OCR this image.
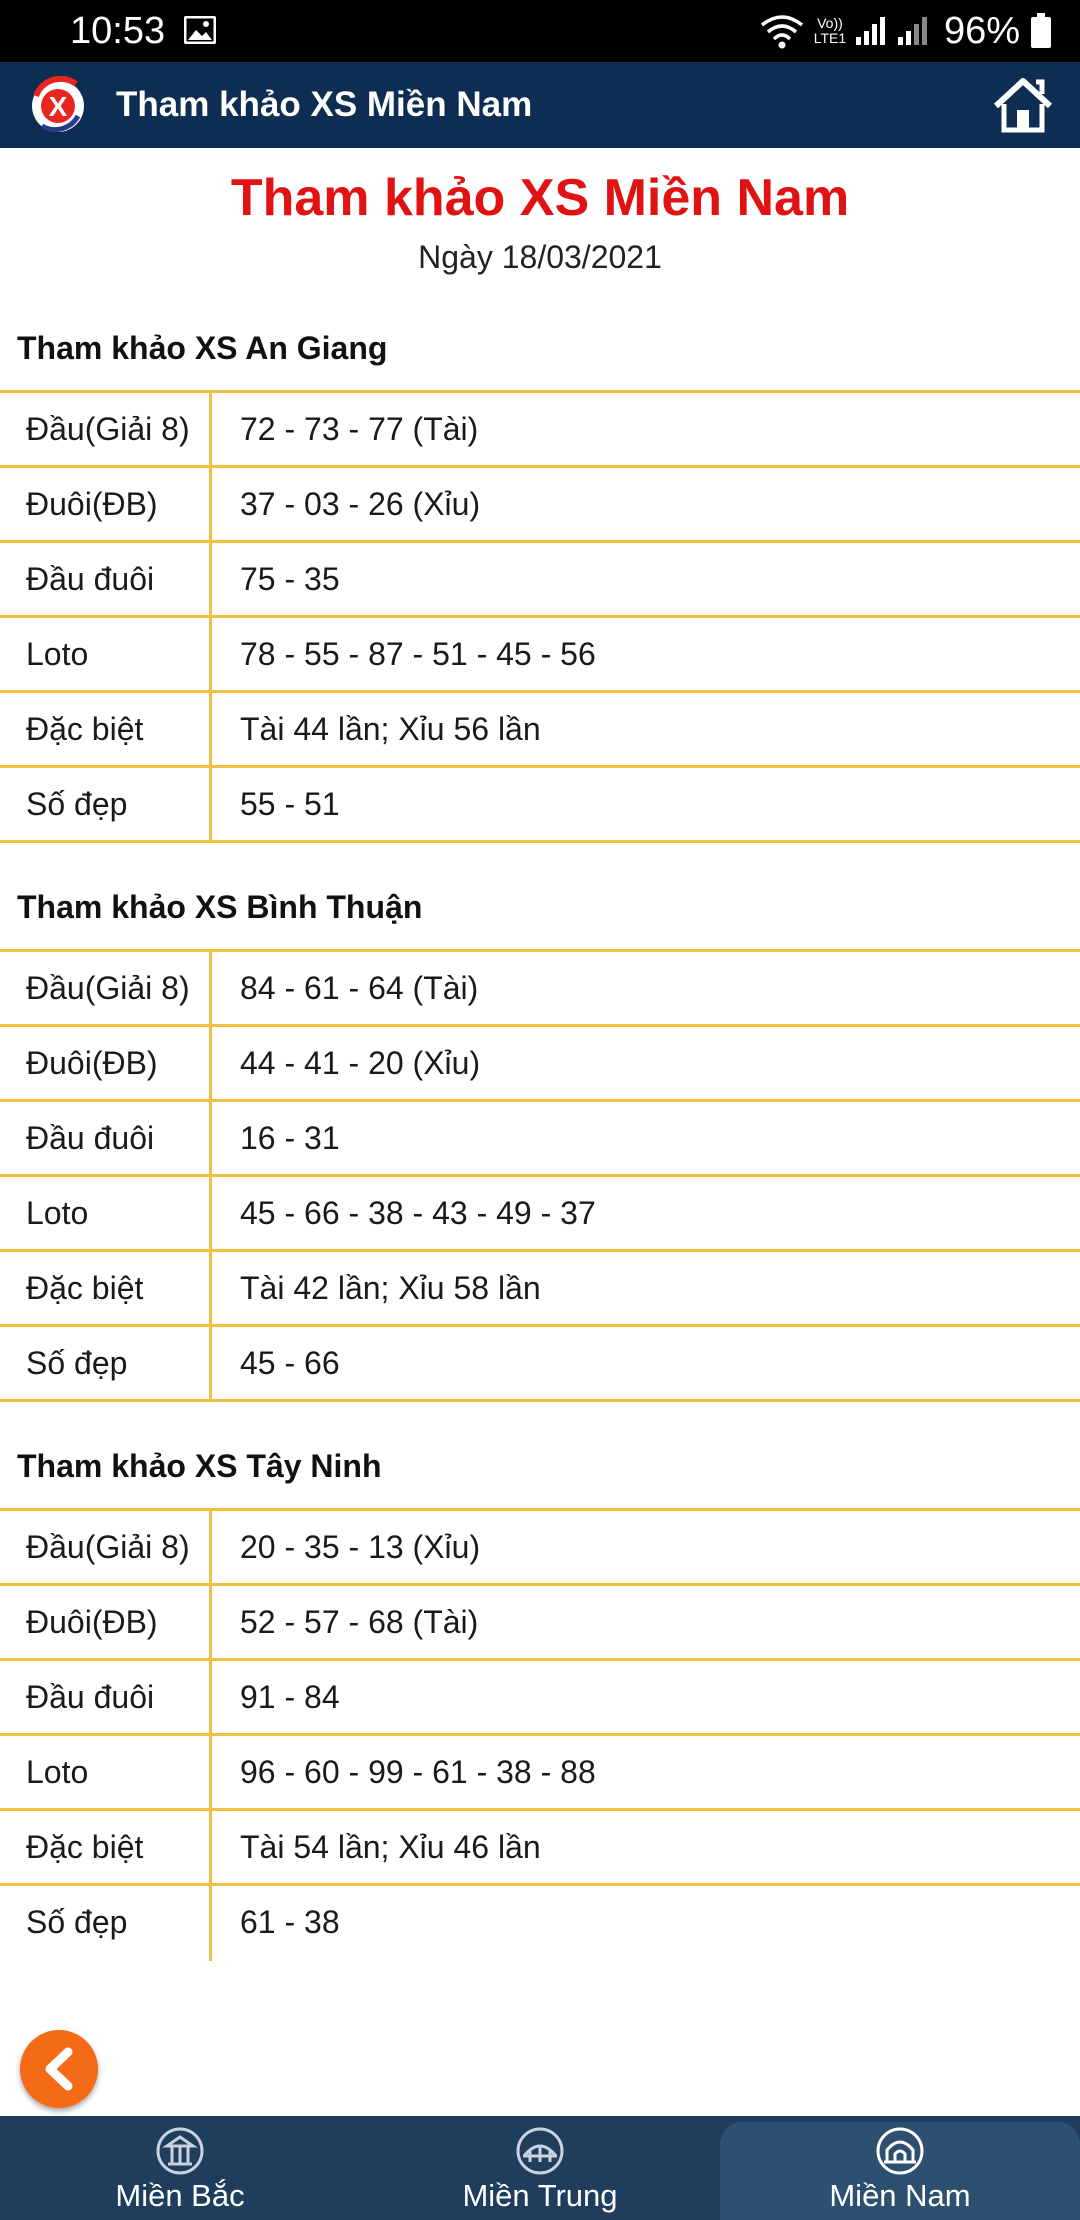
10:53	Vo)) LTE1	96%
X Tham khảo XS Miền Nam
Tham khảo XS Miền Nam
Ngày 18/03/2021
Tham khảo XS An Giang
Đầu(Giải 8)	72 - 73 - 77 (Tài)
Đuôi(ĐB)	37 - 03 - 26 (Xỉu)
Đầu đuôi	75 - 35
Loto	78 - 55 - 87 - 51 - 45 - 56
Đặc biệt	Tài 44 lần; Xỉu 56 lần
Số đẹp	55 - 51
Tham khảo XS Bình Thuận
Đầu(Giải 8)	84 - 61 - 64 (Tài)
Đuôi(ĐB)	44 - 41 - 20 (Xỉu)
Đầu đuôi	16 - 31
Loto	45 - 66 - 38 - 43 - 49 - 37
Đặc biệt	Tài 42 lần; Xỉu 58 lần
Số đẹp	45 - 66
Tham khảo XS Tây Ninh
Đầu(Giải 8)	20 - 35 - 13 (Xỉu)
Đuôi(ĐB)	52 - 57 - 68 (Tài)
Đầu đuôi	91 - 84
Loto	96 - 60 - 99 - 61 - 38 - 88
Đặc biệt	Tài 54 lần; Xỉu 46 lần
Số đẹp	61 - 38
Miền Bắc	Miền Trung	Miền Nam
